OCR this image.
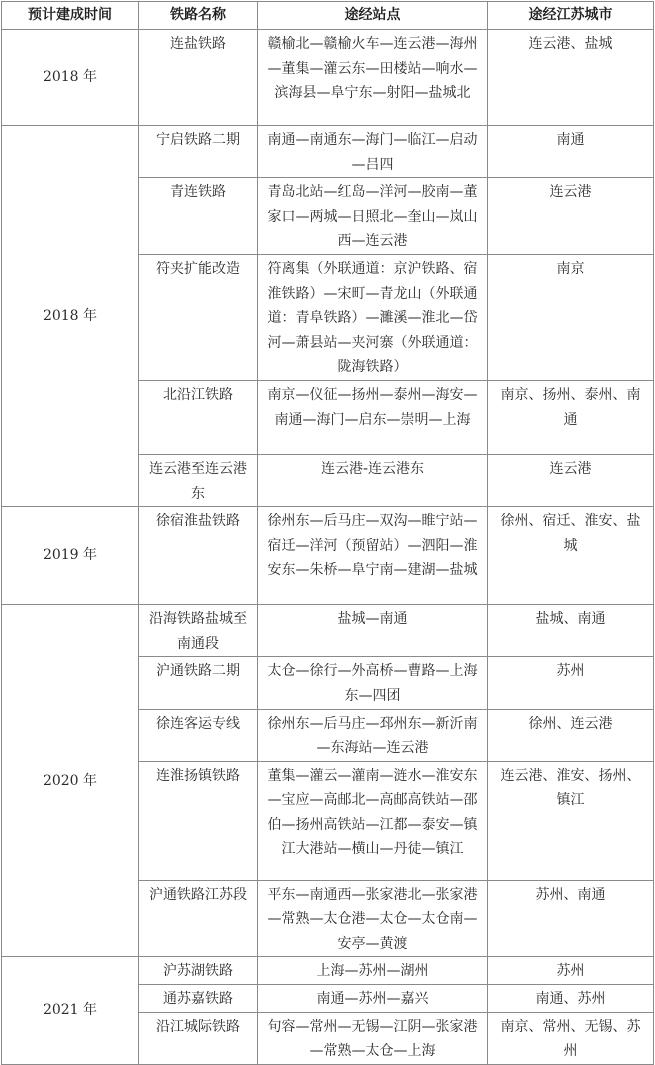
预计建成时间	铁路名称	途经站点	途经江苏城市
2018 年	连盐铁路	赣榆北—赣榆火车—连云港—海州—董集—灌云东—田楼站—响水—滨海县—阜宁东—射阳—盐城北	连云港、盐城
2018 年	宁启铁路二期	南通—南通东—海门—临江—启动—吕四	南通
	青连铁路	青岛北站—红岛—洋河—胶南—董家口—两城—日照北—奎山—岚山西—连云港	连云港
	符夹扩能改造	符离集（外联通道：京沪铁路、宿淮铁路）—宋町—青龙山（外联通道：青阜铁路）—濉溪—淮北—岱河—萧县站—夹河寨（外联通道：陇海铁路）	南京
	北沿江铁路	南京—仪征—扬州—泰州—海安—南通—海门—启东—崇明—上海	南京、扬州、泰州、南通
	连云港至连云港东	连云港-连云港东	连云港
2019 年	徐宿淮盐铁路	徐州东—后马庄—双沟—睢宁站—宿迁—洋河（预留站）—泗阳—淮安东—朱桥—阜宁南—建湖—盐城	徐州、宿迁、淮安、盐城
2020 年	沿海铁路盐城至南通段	盐城—南通	盐城、南通
	沪通铁路二期	太仓—徐行—外高桥—曹路—上海东—四团	苏州
	徐连客运专线	徐州东—后马庄—邳州东—新沂南—东海站—连云港	徐州、连云港
	连淮扬镇铁路	董集—灌云—灌南—涟水—淮安东—宝应—高邮北—高邮高铁站—邵伯—扬州高铁站—江都—泰安—镇江大港站—横山—丹徒—镇江	连云港、淮安、扬州、镇江
	沪通铁路江苏段	平东—南通西—张家港北—张家港—常熟—太仓港—太仓—太仓南—安亭—黄渡	苏州、南通
2021 年	沪苏湖铁路	上海—苏州—湖州	苏州
	通苏嘉铁路	南通—苏州—嘉兴	南通、苏州
	沿江城际铁路	句容—常州—无锡—江阴—张家港—常熟—太仓—上海	南京、常州、无锡、苏州
